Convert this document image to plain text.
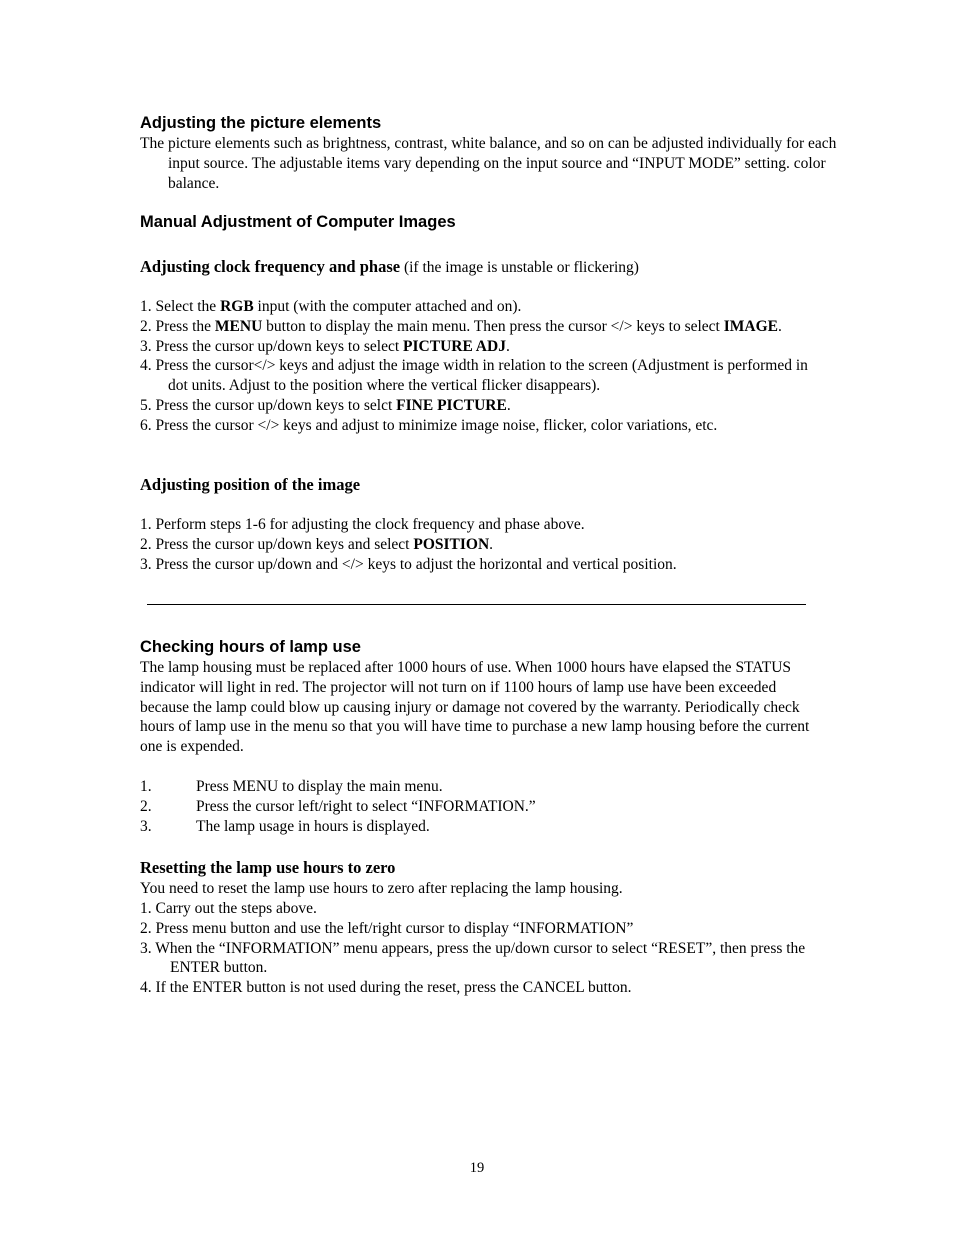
Adjusting the picture elements
The picture elements such as brightness, contrast, white balance, and so on can be adjusted individually for each input source. The adjustable items vary depending on the input source and “INPUT MODE” setting. color balance.
Manual Adjustment of Computer Images
Adjusting clock frequency and phase (if the image is unstable or flickering)
1. Select the RGB input (with the computer attached and on).
2. Press the MENU button to display the main menu. Then press the cursor </> keys to select IMAGE.
3. Press the cursor up/down keys to select PICTURE ADJ.
4. Press the cursor</> keys and adjust the image width in relation to the screen (Adjustment is performed in dot units. Adjust to the position where the vertical flicker disappears).
5. Press the cursor up/down keys to selct FINE PICTURE.
6. Press the cursor </> keys and adjust to minimize image noise, flicker, color variations, etc.
Adjusting position of the image
1. Perform steps 1-6 for adjusting the clock frequency and phase above.
2. Press the cursor up/down keys and select POSITION.
3. Press the cursor up/down and </> keys to adjust the horizontal and vertical position.
Checking hours of lamp use
The lamp housing must be replaced after 1000 hours of use. When 1000 hours have elapsed the STATUS indicator will light in red. The projector will not turn on if 1100 hours of lamp use have been exceeded because the lamp could blow up causing injury or damage not covered by the warranty. Periodically check hours of lamp use in the menu so that you will have time to purchase a new lamp housing before the current one is expended.
1.	Press MENU to display the main menu.
2.	Press the cursor left/right to select “INFORMATION.”
3.	The lamp usage in hours is displayed.
Resetting the lamp use hours to zero
You need to reset the lamp use hours to zero after replacing the lamp housing.
1. Carry out the steps above.
2. Press menu button and use the left/right cursor to display “INFORMATION”
3. When the “INFORMATION” menu appears, press the up/down cursor to select “RESET”, then press the ENTER button.
4. If the ENTER button is not used during the reset, press the CANCEL button.
19
